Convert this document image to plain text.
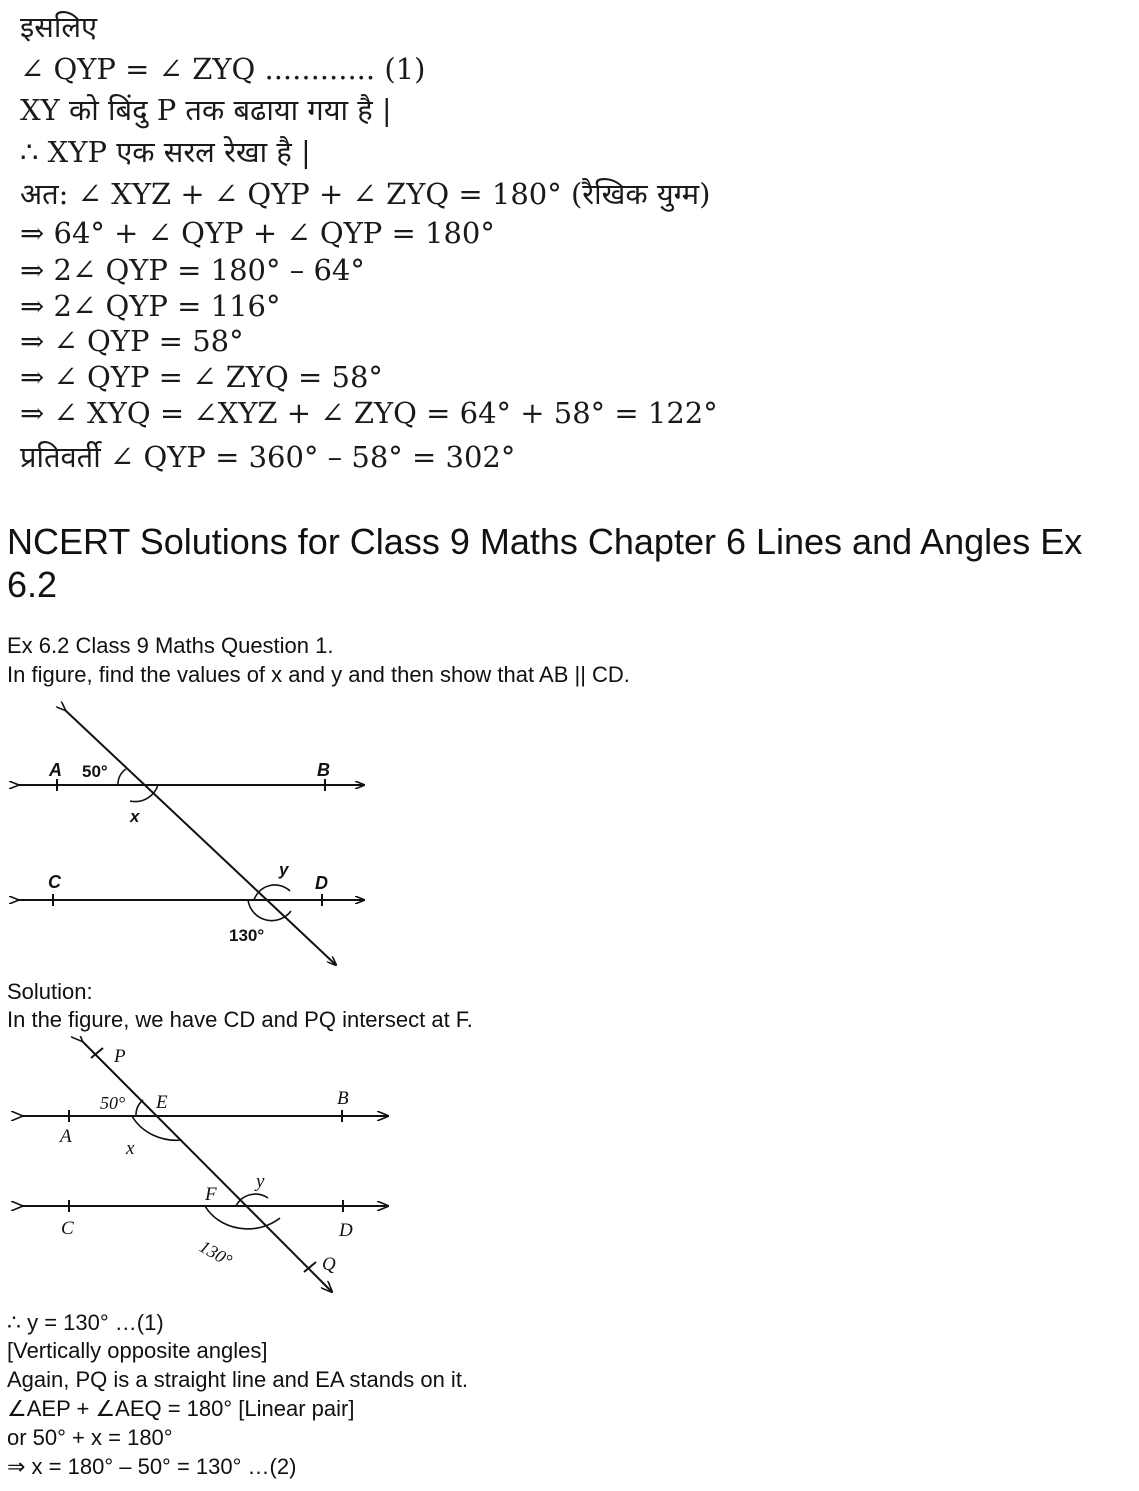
इसलिए

∠ QYP = ∠ ZYQ ............ (1)

XY को बिंदु P तक बढाया गया है |

∴ XYP एक सरल रेखा है |

अत: ∠ XYZ + ∠ QYP + ∠ ZYQ = 180° (रैखिक युग्म)

⇒ 64° + ∠ QYP + ∠ QYP = 180°

⇒ 2∠ QYP = 180° – 64°

⇒ 2∠ QYP = 116°

⇒ ∠ QYP = 58°

⇒ ∠ QYP = ∠ ZYQ = 58°

⇒ ∠ XYQ = ∠XYZ + ∠ ZYQ = 64° + 58° = 122°

प्रतिवर्ती ∠ QYP = 360° – 58° = 302°

NCERT Solutions for Class 9 Maths Chapter 6 Lines and Angles Ex 6.2

Ex 6.2 Class 9 Maths Question 1.

In figure, find the values of x and y and then show that AB || CD.

A 50°	B
x
C
y
D
130°

Solution:

In the figure, we have CD and PQ intersect at F.

P
50° E	B
A
x
F
y
C	D
130°	Q

∴ y = 130° …(1)

[Vertically opposite angles]

Again, PQ is a straight line and EA stands on it.

∠AEP + ∠AEQ = 180° [Linear pair]

or 50° + x = 180°

⇒ x = 180° – 50° = 130° …(2)
